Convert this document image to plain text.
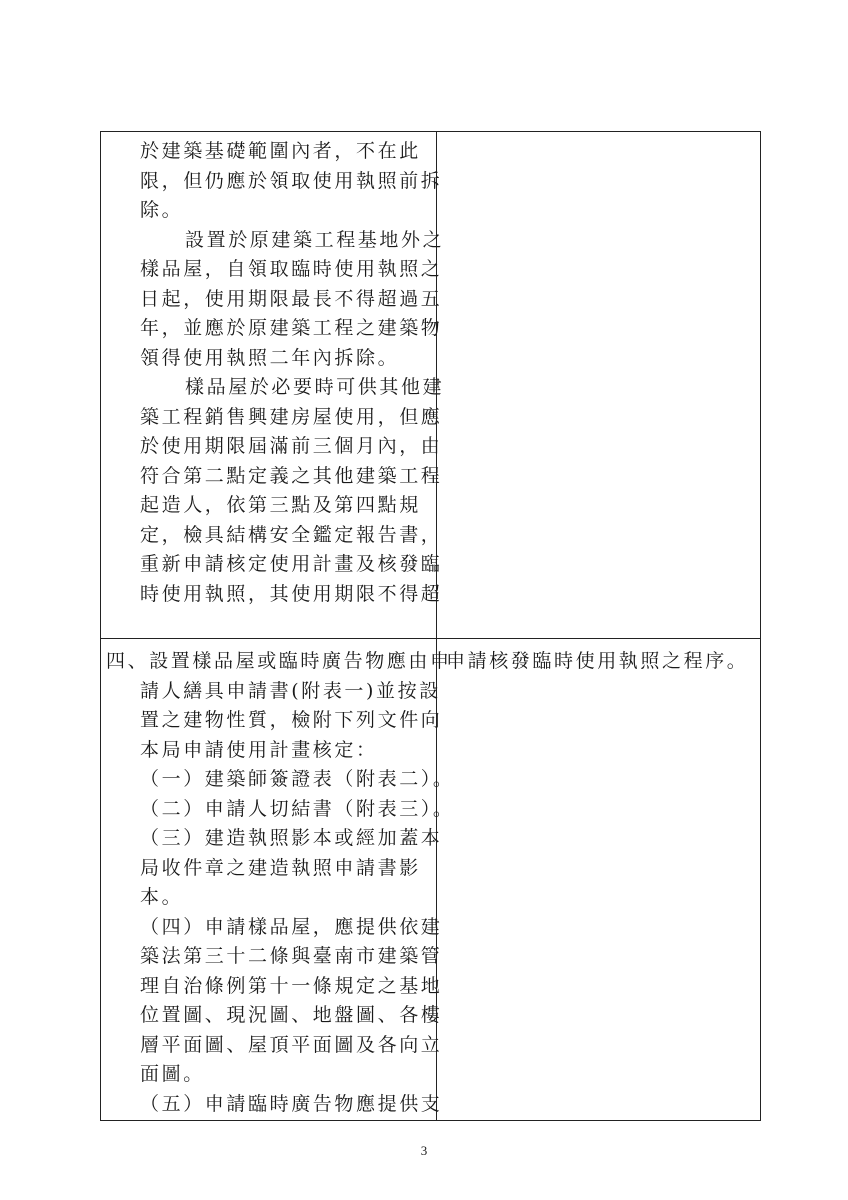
於建築基礎範圍內者，不在此
限，但仍應於領取使用執照前拆
除。
設置於原建築工程基地外之
樣品屋，自領取臨時使用執照之
日起，使用期限最長不得超過五
年，並應於原建築工程之建築物
領得使用執照二年內拆除。
樣品屋於必要時可供其他建
築工程銷售興建房屋使用，但應
於使用期限屆滿前三個月內，由
符合第二點定義之其他建築工程
起造人，依第三點及第四點規
定，檢具結構安全鑑定報告書，
重新申請核定使用計畫及核發臨
時使用執照，其使用期限不得超
四、設置樣品屋或臨時廣告物應由申
請人繕具申請書(附表一)並按設
置之建物性質，檢附下列文件向
本局申請使用計畫核定：
（一）建築師簽證表（附表二）。
（二）申請人切結書（附表三）。
（三）建造執照影本或經加蓋本
局收件章之建造執照申請書影
本。
（四）申請樣品屋，應提供依建
築法第三十二條與臺南市建築管
理自治條例第十一條規定之基地
位置圖、現況圖、地盤圖、各樓
層平面圖、屋頂平面圖及各向立
面圖。
（五）申請臨時廣告物應提供支
申請核發臨時使用執照之程序。
3
